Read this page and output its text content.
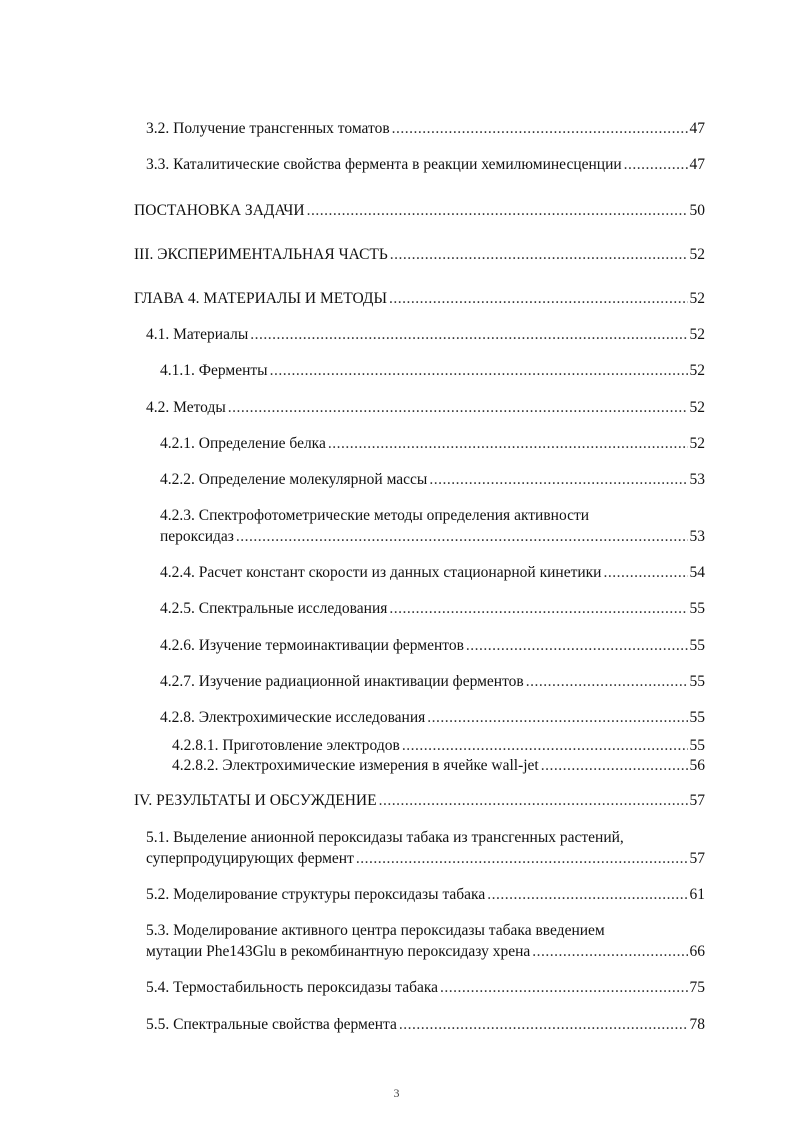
3.2. Получение трансгенных томатов .....	47
3.3. Каталитические свойства фермента в реакции хемилюминесценции .....	47
ПОСТАНОВКА ЗАДАЧИ .....	50
III. ЭКСПЕРИМЕНТАЛЬНАЯ ЧАСТЬ .....	52
ГЛАВА 4. МАТЕРИАЛЫ И МЕТОДЫ .....	52
4.1. Материалы .....	52
4.1.1. Ферменты .....	52
4.2. Методы .....	52
4.2.1. Определение белка .....	52
4.2.2. Определение молекулярной массы .....	53
4.2.3. Спектрофотометрические методы определения активности
пероксидаз .....	53
4.2.4. Расчет констант скорости из данных стационарной кинетики .....	54
4.2.5. Спектральные исследования .....	55
4.2.6. Изучение термоинактивации ферментов .....	55
4.2.7. Изучение радиационной инактивации ферментов .....	55
4.2.8. Электрохимические исследования .....	55
4.2.8.1. Приготовление электродов .....	55
4.2.8.2. Электрохимические измерения в ячейке wall-jet .....	56
IV. РЕЗУЛЬТАТЫ И ОБСУЖДЕНИЕ .....	57
5.1. Выделение анионной пероксидазы табака из трансгенных растений,
суперпродуцирующих фермент .....	57
5.2. Моделирование структуры пероксидазы табака .....	61
5.3. Моделирование активного центра пероксидазы табака введением
мутации Phe143Glu в рекомбинантную пероксидазу хрена .....	66
5.4. Термостабильность пероксидазы табака .....	75
5.5. Спектральные свойства фермента .....	78
3
